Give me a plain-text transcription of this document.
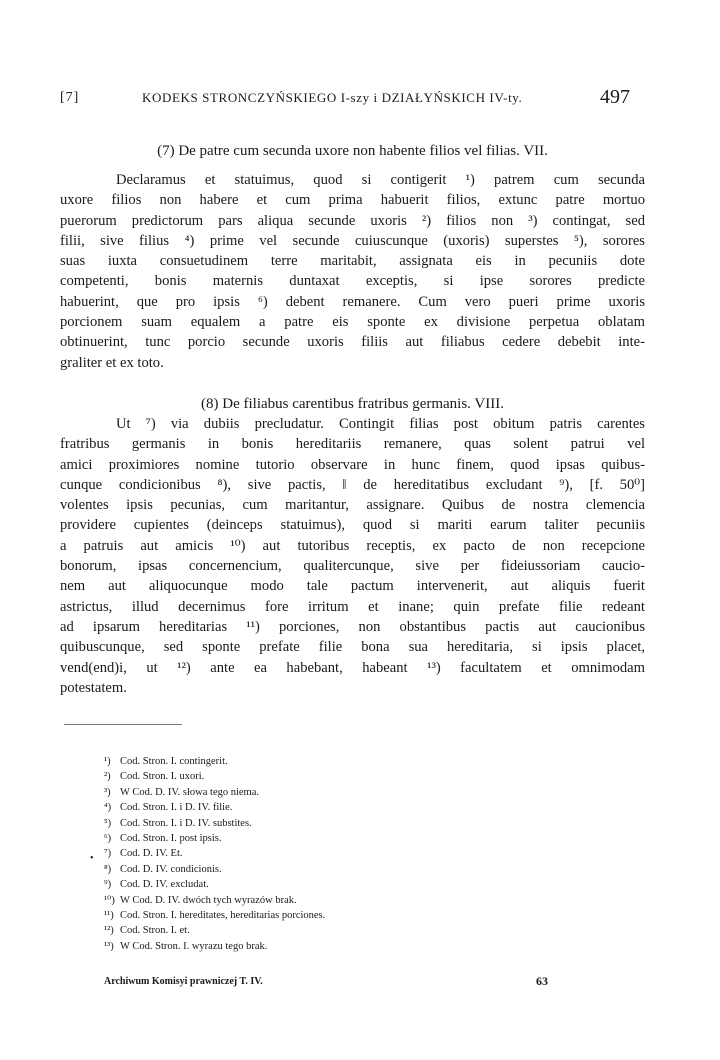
[7]	KODEKS STRONCZYŃSKIEGO I-szy i DZIAŁYŃSKICH IV-ty.	497
(7) De patre cum secunda uxore non habente filios vel filias. VII.
Declaramus et statuimus, quod si contigerit ¹) patrem cum secunda
uxore filios non habere et cum prima habuerit filios, extunc patre mortuo
puerorum predictorum pars aliqua secunde uxoris ²) filios non ³) contingat, sed
filii, sive filius ⁴) prime vel secunde cuiuscunque (uxoris) superstes ⁵), sorores
suas iuxta consuetudinem terre maritabit, assignata eis in pecuniis dote
competenti, bonis maternis duntaxat exceptis, si ipse sorores predicte
habuerint, que pro ipsis ⁶) debent remanere. Cum vero pueri prime uxoris
porcionem suam equalem a patre eis sponte ex divisione perpetua oblatam
obtinuerint, tunc porcio secunde uxoris filiis aut filiabus cedere debebit inte-
graliter et ex toto.
(8) De filiabus carentibus fratribus germanis. VIII.
Ut ⁷) via dubiis precludatur. Contingit filias post obitum patris carentes
fratribus germanis in bonis hereditariis remanere, quas solent patrui vel
amici proximiores nomine tutorio observare in hunc finem, quod ipsas quibus-
cunque condicionibus ⁸), sive pactis, ‖ de hereditatibus excludant ⁹), [f. 50⁰]
volentes ipsis pecunias, cum maritantur, assignare. Quibus de nostra clemencia
providere cupientes (deinceps statuimus), quod si mariti earum taliter pecuniis
a patruis aut amicis ¹⁰) aut tutoribus receptis, ex pacto de non recepcione
bonorum, ipsas concernencium, qualitercunque, sive per fideiussoriam caucio-
nem aut aliquocunque modo tale pactum intervenerit, aut aliquis fuerit
astrictus, illud decernimus fore irritum et inane; quin prefate filie redeant
ad ipsarum hereditarias ¹¹) porciones, non obstantibus pactis aut caucionibus
quibuscunque, sed sponte prefate filie bona sua hereditaria, si ipsis placet,
vend(end)i, ut ¹²) ante ea habebant, habeant ¹³) facultatem et omnimodam
potestatem.
•
¹) Cod. Stron. I. contingerit.
²) Cod. Stron. I. uxori.
³) W Cod. D. IV. słowa tego niema.
⁴) Cod. Stron. I. i D. IV. filie.
⁵) Cod. Stron. I. i D. IV. substites.
⁶) Cod. Stron. I. post ipsis.
⁷) Cod. D. IV. Et.
⁸) Cod. D. IV. condicionis.
⁹) Cod. D. IV. excludat.
¹⁰) W Cod. D. IV. dwóch tych wyrazów brak.
¹¹) Cod. Stron. I. hereditates, hereditarias porciones.
¹²) Cod. Stron. I. et.
¹³) W Cod. Stron. I. wyrazu tego brak.
Archiwum Komisyi prawniczej T. IV.	63
